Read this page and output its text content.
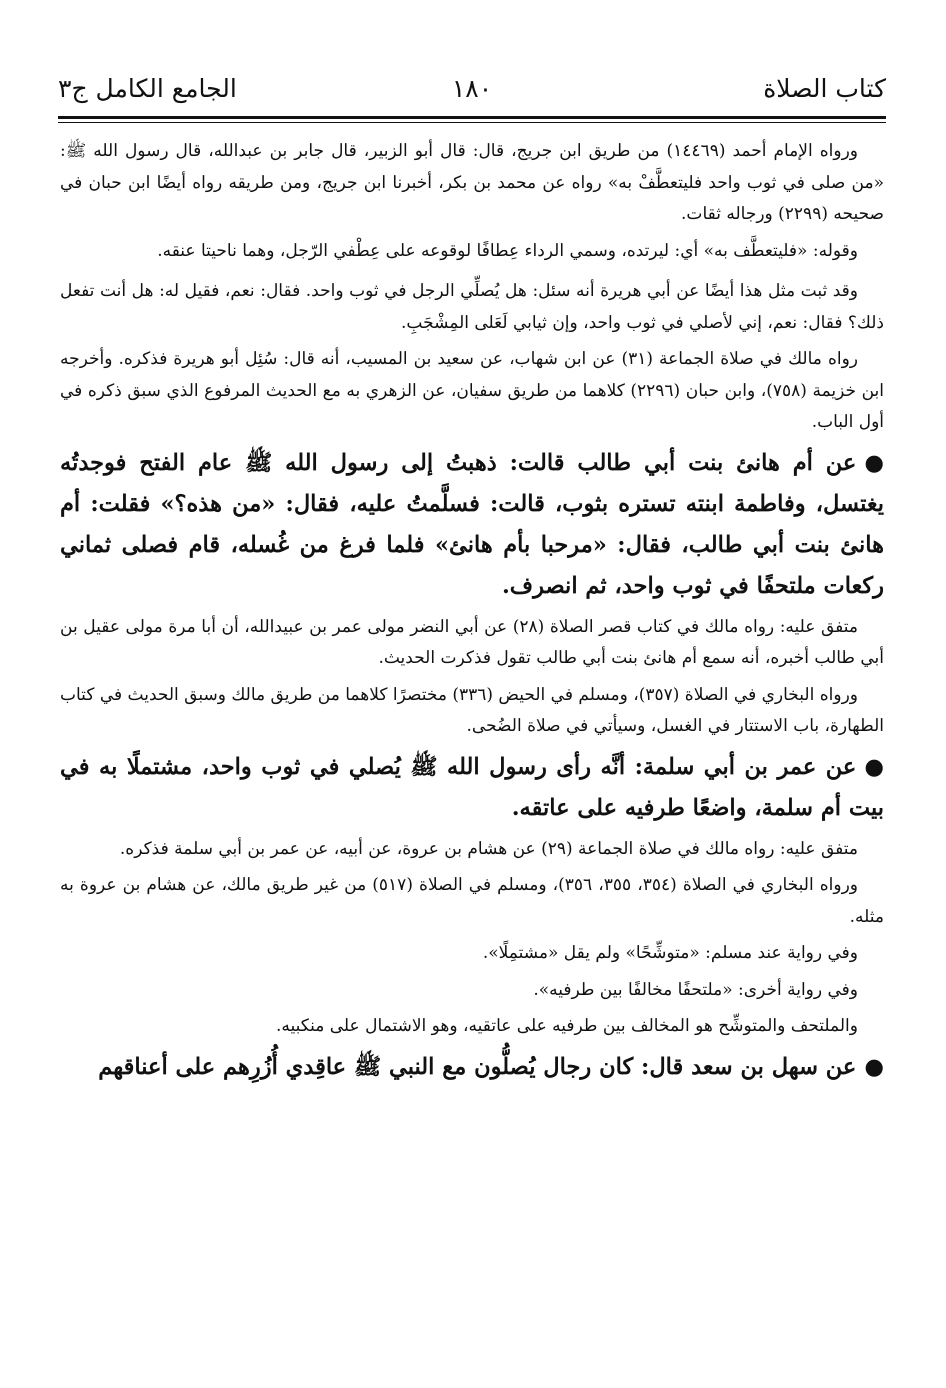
١٨٠	كتاب الصلاة
الجامع الكامل ج٣

ورواه الإمام أحمد (١٤٤٦٩) من طريق ابن جريج، قال: قال أبو الزبير، قال جابر بن عبدالله، قال رسول الله ﷺ: «من صلى في ثوب واحد فليتعطَّفْ به» رواه عن محمد بن بكر، أخبرنا ابن جريج، ومن طريقه رواه أيضًا ابن حبان في صحيحه (٢٢٩٩) ورجاله ثقات.

وقوله: «فليتعطَّف به» أي: ليرتده، وسمي الرداء عِطافًا لوقوعه على عِطْفي الرّجل، وهما ناحيتا عنقه.

وقد ثبت مثل هذا أيضًا عن أبي هريرة أنه سئل: هل يُصلِّي الرجل في ثوب واحد. فقال: نعم، فقيل له: هل أنت تفعل ذلك؟ فقال: نعم، إني لأصلي في ثوب واحد، وإن ثيابي لَعَلى المِشْجَبِ.

رواه مالك في صلاة الجماعة (٣١) عن ابن شهاب، عن سعيد بن المسيب، أنه قال: سُئِل أبو هريرة فذكره. وأخرجه ابن خزيمة (٧٥٨)، وابن حبان (٢٢٩٦) كلاهما من طريق سفيان، عن الزهري به مع الحديث المرفوع الذي سبق ذكره في أول الباب.

●عن أم هانئ بنت أبي طالب قالت: ذهبتُ إلى رسول الله ﷺ عام الفتح فوجدتُه يغتسل، وفاطمة ابنته تستره بثوب، قالت: فسلَّمتُ عليه، فقال: «من هذه؟» فقلت: أم هانئ بنت أبي طالب، فقال: «مرحبا بأم هانئ» فلما فرغ من غُسله، قام فصلى ثماني ركعات ملتحفًا في ثوب واحد، ثم انصرف.

متفق عليه: رواه مالك في كتاب قصر الصلاة (٢٨) عن أبي النضر مولى عمر بن عبيدالله، أن أبا مرة مولى عقيل بن أبي طالب أخبره، أنه سمع أم هانئ بنت أبي طالب تقول فذكرت الحديث.

ورواه البخاري في الصلاة (٣٥٧)، ومسلم في الحيض (٣٣٦) مختصرًا كلاهما من طريق مالك وسبق الحديث في كتاب الطهارة، باب الاستتار في الغسل، وسيأتي في صلاة الضُحى.

●عن عمر بن أبي سلمة: أنَّه رأى رسول الله ﷺ يُصلي في ثوب واحد، مشتملًا به في بيت أم سلمة، واضعًا طرفيه على عاتقه.

متفق عليه: رواه مالك في صلاة الجماعة (٢٩) عن هشام بن عروة، عن أبيه، عن عمر بن أبي سلمة فذكره.

ورواه البخاري في الصلاة (٣٥٤، ٣٥٥، ٣٥٦)، ومسلم في الصلاة (٥١٧) من غير طريق مالك، عن هشام بن عروة به مثله.

وفي رواية عند مسلم: «متوشِّحًا» ولم يقل «مشتمِلًا».

وفي رواية أخرى: «ملتحفًا مخالفًا بين طرفيه».

والملتحف والمتوشِّح هو المخالف بين طرفيه على عاتقيه، وهو الاشتمال على منكبيه.

●عن سهل بن سعد قال: كان رجال يُصلُّون مع النبي ﷺ عاقِدي أُزُرِهم على أعناقهم
